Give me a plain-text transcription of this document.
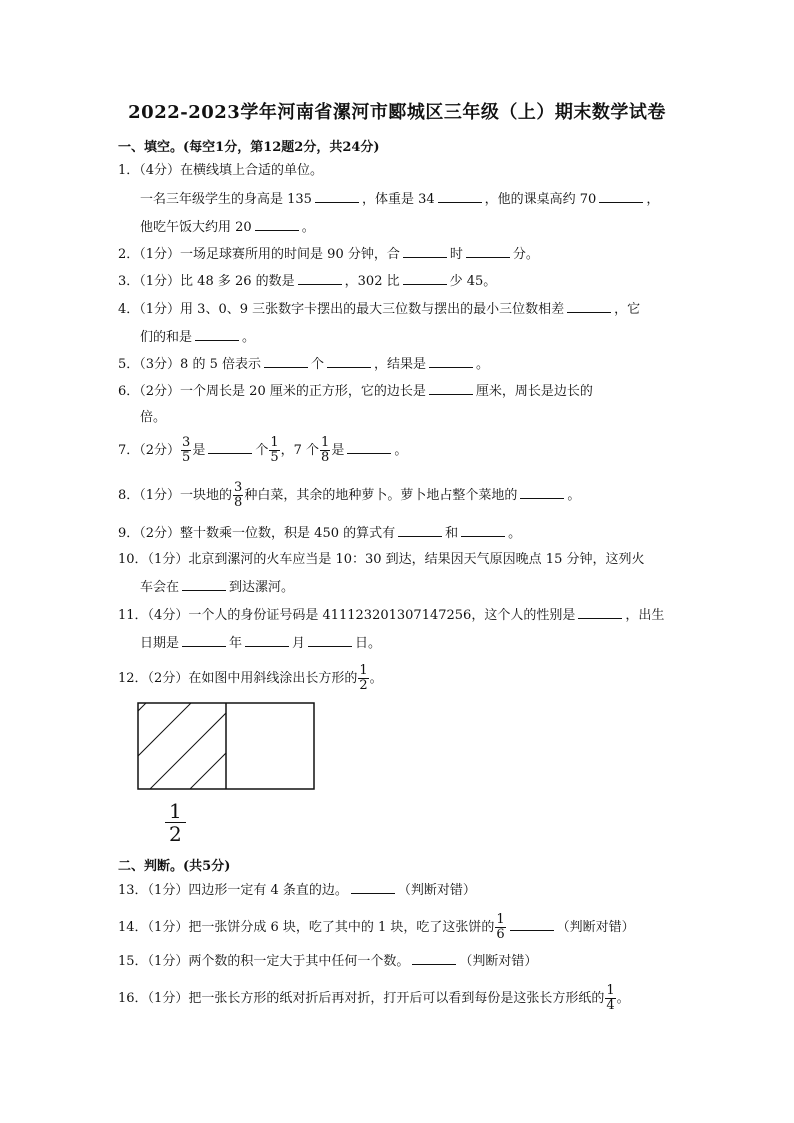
2022-2023学年河南省漯河市郾城区三年级（上）期末数学试卷
一、填空。(每空1分，第12题2分，共24分)
1．（4分）在横线填上合适的单位。
一名三年级学生的身高是 135	，体重是 34	，他的课桌高约 70	，
他吃午饭大约用 20	。
2．（1分）一场足球赛所用的时间是 90 分钟，合	时	分。
3．（1分）比 48 多 26 的数是	，302 比	少 45。
4．（1分）用 3、0、9 三张数字卡摆出的最大三位数与摆出的最小三位数相差	，它
们的和是	。
5．（3分）8 的 5 倍表示	个	，结果是	。
6．（2分）一个周长是 20 厘米的正方形，它的边长是	厘米，周长是边长的
倍。
7．（2分） $\frac{3}{5}$ 是	个 $\frac{1}{5}$ ，7 个 $\frac{1}{8}$ 是	。
8．（1分）一块地的 $\frac{3}{8}$ 种白菜，其余的地种萝卜。萝卜地占整个菜地的	。
9．（2分）整十数乘一位数，积是 450 的算式有	和	。
10．（1分）北京到漯河的火车应当是 10：30 到达，结果因天气原因晚点 15 分钟，这列火
车会在	到达漯河。
11．（4分）一个人的身份证号码是 411123201307147256，这个人的性别是	，出生
日期是	年	月	日。
12．（2分）在如图中用斜线涂出长方形的 $\frac{1}{2}$ 。
$\frac{1}{2}$
二、判断。(共5分)
13．（1分）四边形一定有 4 条直的边。	（判断对错）
14．（1分）把一张饼分成 6 块，吃了其中的 1 块，吃了这张饼的 $\frac{1}{6}$	（判断对错）
15．（1分）两个数的积一定大于其中任何一个数。	（判断对错）
16．（1分）把一张长方形的纸对折后再对折，打开后可以看到每份是这张长方形纸的 $\frac{1}{4}$ 。
